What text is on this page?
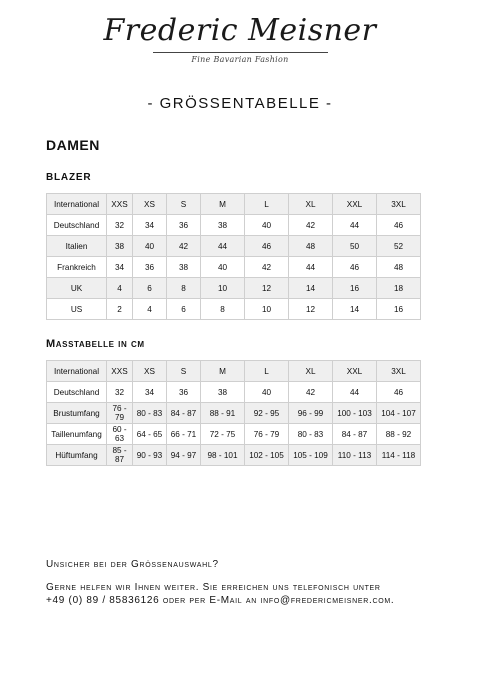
Frederic Meisner
Fine Bavarian Fashion
- GRÖSSENTABELLE -
DAMEN
BLAZER
International	XXS	XS	S	M	L	XL	XXL	3XL
Deutschland	32	34	36	38	40	42	44	46
Italien	38	40	42	44	46	48	50	52
Frankreich	34	36	38	40	42	44	46	48
UK	4	6	8	10	12	14	16	18
US	2	4	6	8	10	12	14	16
Masstabelle in cm
International	XXS	XS	S	M	L	XL	XXL	3XL
Deutschland	32	34	36	38	40	42	44	46
Brustumfang	76 - 79	80 - 83	84 - 87	88 - 91	92 - 95	96 - 99	100 - 103	104 - 107
Taillenumfang	60 - 63	64 - 65	66 - 71	72 - 75	76 - 79	80 - 83	84 - 87	88 - 92
Hüftumfang	85 - 87	90 - 93	94 - 97	98 - 101	102 - 105	105 - 109	110 - 113	114 - 118
Unsicher bei der Grössenauswahl?
Gerne helfen wir Ihnen weiter. Sie erreichen uns telefonisch unter
+49 (0) 89 / 85836126 oder per E-Mail an info@fredericmeisner.com.
